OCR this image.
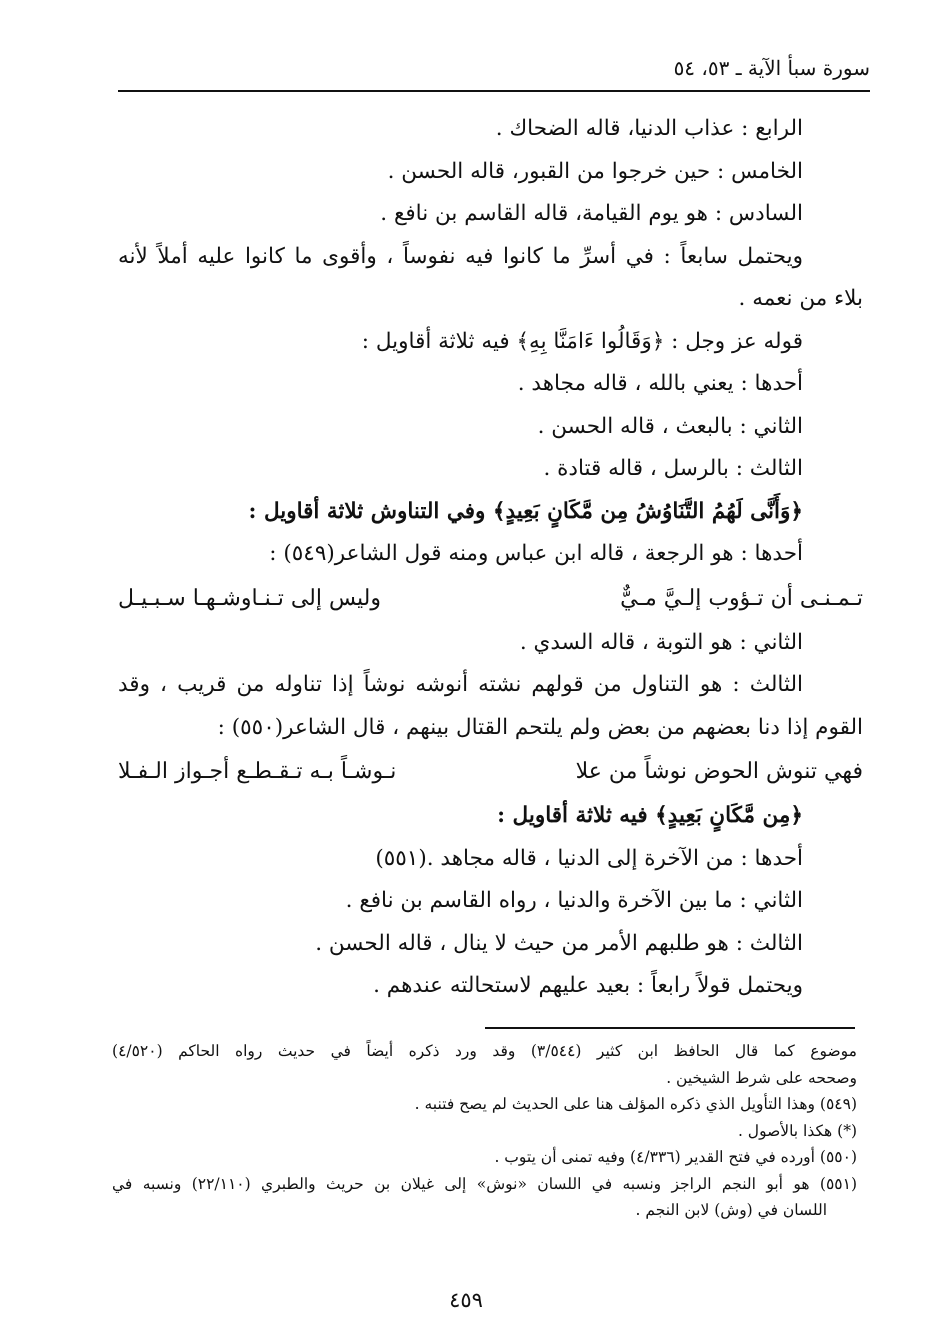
سورة سبأ الآية ـ ٥٣، ٥٤
الرابع : عذاب الدنيا، قاله الضحاك .
الخامس : حين خرجوا من القبور، قاله الحسن .
السادس : هو يوم القيامة، قاله القاسم بن نافع .
ويحتمل سابعاً : في أسرِّ ما كانوا فيه نفوساً ، وأقوى ما كانوا عليه أملاً لأنه
بلاء من نعمه .
قوله عز وجل : ﴿وَقَالُوا ءَامَنَّا بِهِ﴾ فيه ثلاثة أقاويل :
أحدها : يعني بالله ، قاله مجاهد .
الثاني : بالبعث ، قاله الحسن .
الثالث : بالرسل ، قاله قتادة .
﴿وَأَنَّى لَهُمُ التَّنَاوُشُ مِن مَّكَانٍ بَعِيدٍ﴾ وفي التناوش ثلاثة أقاويل :
أحدها : هو الرجعة ، قاله ابن عباس ومنه قول الشاعر(٥٤٩) :
تـمـنـى أن تـؤوب إلـيَّ مـيٌّ
وليس إلى تـنـاوشـهـا سـبـيـل
الثاني : هو التوبة ، قاله السدي .
الثالث : هو التناول من قولهم نشته أنوشه نوشاً إذا تناوله من قريب ، وقد
القوم إذا دنا بعضهم من بعض ولم يلتحم القتال بينهم ، قال الشاعر(٥٥٠) :
فهي تنوش الحوض نوشاً من علا
نـوشـاً بـه تـقـطـع أجـواز الـفـلا
﴿مِن مَّكَانٍ بَعِيدٍ﴾ فيه ثلاثة أقاويل :
أحدها : من الآخرة إلى الدنيا ، قاله مجاهد .(٥٥١)
الثاني : ما بين الآخرة والدنيا ، رواه القاسم بن نافع .
الثالث : هو طلبهم الأمر من حيث لا ينال ، قاله الحسن .
ويحتمل قولاً رابعاً : بعيد عليهم لاستحالته عندهم .
موضوع كما قال الحافظ ابن كثير (٣/٥٤٤) وقد ورد ذكره أيضاً في حديث رواه الحاكم (٤/٥٢٠)
وصححه على شرط الشيخين .
(٥٤٩) وهذا التأويل الذي ذكره المؤلف هنا على الحديث لم يصح فتنبه .
(*) هكذا بالأصول .
(٥٥٠) أورده في فتح القدير (٤/٣٣٦) وفيه تمنى أن يتوب .
(٥٥١) هو أبو النجم الراجز ونسبه في اللسان «نوش» إلى غيلان بن حريث والطبري (٢٢/١١٠) ونسبه في
اللسان في (وش) لابن النجم .
٤٥٩
